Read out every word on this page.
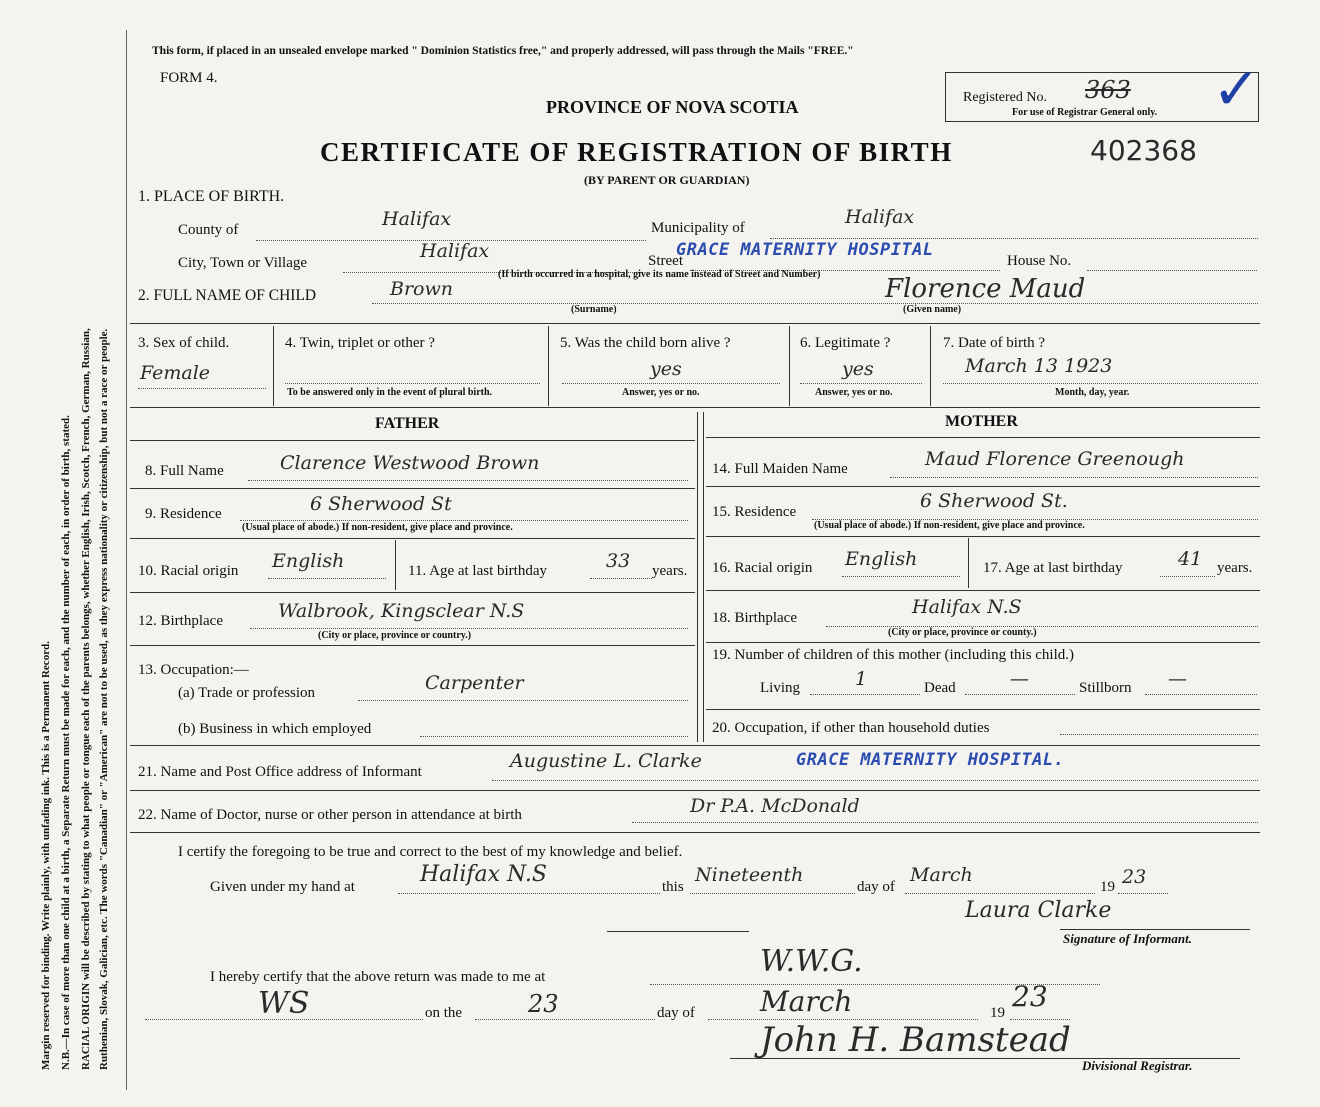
Margin reserved for binding. Write plainly, with unfading ink. This is a Permanent Record. N.B.—In case of more than one child at a birth, a Separate Return must be made for each, and the number of each, in order of birth, stated. RACIAL ORIGIN will be described by stating to what people or tongue each of the parents belongs, whether English, Irish, Scotch, French, German, Russian, Ruthenian, Slovak, Galician, etc. The words "Canadian" or "American" are not to be used, as they express nationality or citizenship, but not a race or people.
This form, if placed in an unsealed envelope marked " Dominion Statistics free," and properly addressed, will pass through the Mails "FREE."
FORM 4.
PROVINCE OF NOVA SCOTIA
CERTIFICATE OF REGISTRATION OF BIRTH	402368
(BY PARENT OR GUARDIAN)
Registered No. 363
For use of Registrar General only. ✓
1. PLACE OF BIRTH.
County of	Halifax	Municipality of	Halifax
City, Town or Village
Halifax	Street
GRACE MATERNITY HOSPITAL
House No.
(If birth occurred in a hospital, give its name instead of Street and Number)
2. FULL NAME OF CHILD	Brown	Florence Maud
(Surname)	(Given name)
3. Sex of child.
Female
4. Twin, triplet or other ?
To be answered only in the event of plural birth.
5. Was the child born alive ?
yes
Answer, yes or no.
6. Legitimate ?
yes
Answer, yes or no.
7. Date of birth ?
March 13 1923
Month, day, year.
FATHER	MOTHER
8. Full Name	Clarence Westwood Brown
9. Residence	6 Sherwood St
(Usual place of abode.) If non-resident, give place and province.
10. Racial origin English	11. Age at last birthday	33 years.
12. Birthplace	Walbrook, Kingsclear N.S
(City or place, province or country.)
13. Occupation:—
(a) Trade or profession	Carpenter
(b) Business in which employed
14. Full Maiden Name	Maud Florence Greenough
15. Residence	6 Sherwood St.
(Usual place of abode.) If non-resident, give place and province.
16. Racial origin English	17. Age at last birthday	41 years.
18. Birthplace	Halifax N.S
(City or place, province or county.)
19. Number of children of this mother (including this child.)
Living	1	Dead	—	Stillborn —
20. Occupation, if other than household duties
21. Name and Post Office address of Informant	Augustine L. Clarke	GRACE MATERNITY HOSPITAL.
22. Name of Doctor, nurse or other person in attendance at birth	Dr P.A. McDonald
I certify the foregoing to be true and correct to the best of my knowledge and belief.
Given under my hand at	Halifax N.S	this
Nineteenth
day of
March
19 23
Laura Clarke
Signature of Informant.
I hereby certify that the above return was made to me at	W.W.G.
WS	on the	23	day of March	19 23
John H. Bamstead
Divisional Registrar.
